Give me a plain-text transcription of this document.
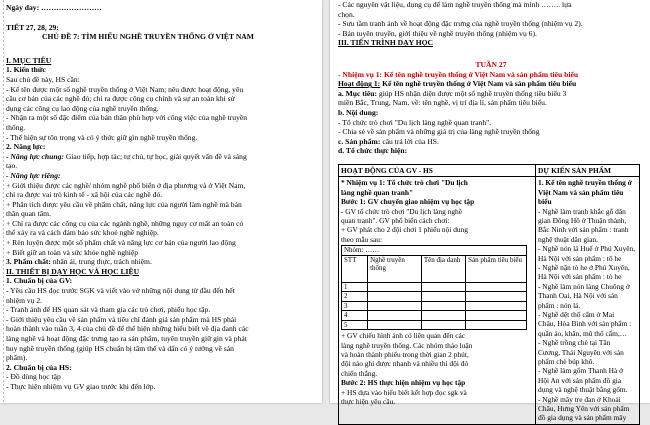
Ngày day: ……………………
TIẾT 27, 28, 29:
CHỦ ĐỀ 7: TÌM HIỂU NGHỀ TRUYỀN THỐNG Ở VIỆT NAM
I. MỤC TIÊU
1. Kiến thức
Sau chủ đề này, HS cần:
- Kể tên được một số nghề truyền thống ở Việt Nam; nêu được hoạt động, yêu
cầu cơ bản của các nghề đó; chỉ ra được công cụ chính và sự an toàn khi sử
dụng các công cụ lao động của nghề truyền thống.
- Nhận ra một số đặc điểm của bản thân phù hợp với công việc của nghề truyền
thống.
- Thể hiện sự tôn trọng và có ý thức giữ gìn nghề truyền thống.
2. Năng lực:
- Năng lực chung: Giao tiếp, hợp tác; tự chủ, tự học, giải quyết vấn đề và sáng
tạo.
- Năng lực riêng:
+ Giới thiệu được các nghề/ nhóm nghề phổ biến ở địa phương và ở Việt Nam,
chỉ ra được vai trò kinh tế - xã hội của các nghề đó.
+ Phân tích được yêu cầu về phẩm chất, năng lực của người làm nghề mà bản
thân quan tâm.
+ Chỉ ra được các công cụ của các ngành nghề, những nguy cơ mất an toàn có
thể xảy ra và cách đảm bảo sức khoẻ nghề nghiệp.
+ Rèn luyện được một số phẩm chất và năng lực cơ bản của người lao động
+ Biết giữ an toàn và sức khỏe nghề nghiệp
3. Phẩm chất: nhân ái, trung thực, trách nhiệm.
II. THIẾT BỊ DẠY HỌC VÀ HỌC LIỆU
1. Chuẩn bị của GV:
- Yêu cầu HS đọc trước SGK và viết vào vở những nội dung từ đầu đến hết
nhiệm vụ 2.
- Tranh ảnh để HS quan sát và tham gia các trò chơi, phiếu học tập.
- Giới thiệu yêu cầu về sản phẩm và tiêu chí đánh giá sản phẩm mà HS phải
hoàn thành vào tuần 3, 4 của chủ đề để thể hiện những hiểu biết về địa danh các
làng nghề và hoạt động đặc trưng tạo ra sản phẩm, tuyên truyền giữ gìn và phát
huy nghề truyền thống (giúp HS chuẩn bị tâm thế và dấn có ý tưởng về sản
phẩm).
2. Chuẩn bị của HS:
- Đồ dùng học tập
- Thực hiện nhiệm vụ GV giao trước khi đến lớp.
- Các nguyên vật liệu, dụng cụ để làm nghề truyền thống mà mình …….. lựa
chọn.
- Sưu tầm tranh ảnh về hoạt động đặc trưng của nghề truyền thống (nhiệm vụ 2).
- Bản tuyên truyền, giới thiệu về nghề truyền thống (nhiệm vụ 6).
III. TIẾN TRÌNH DẠY HỌC
TUẦN 27
- Nhiệm vụ 1: Kể tên nghề truyền thống ở Việt Nam và sản phẩm tiêu biểu
Hoạt động 1: Kể tên nghề truyền thống ở Việt Nam và sản phẩm tiêu biểu
a. Mục tiêu: giúp HS nhận diện được một số nghề truyền thống tiêu biểu 3
miền Bắc, Trung, Nam, về: tên nghề, vị trí địa lí, sản phẩm tiêu biểu.
b. Nội dung:
- Tổ chức trò chơi "Du lịch làng nghề quan tranh".
- Chia sẻ về sản phẩm và những giá trị của làng nghề truyền thống
c. Sản phẩm: câu trả lời của HS.
d. Tổ chức thực hiện:
HOẠT ĐỘNG CỦA GV - HS	DỰ KIẾN SẢN PHẨM

* Nhiệm vụ 1: Tổ chức trò chơi "Du lịch
làng nghề quan tranh"
Bước 1: GV chuyển giao nhiệm vụ học tập
- GV tổ chức trò chơi "Du lịch làng nghề
quan tranh". GV phổ biến cách chơi:
+ GV phát cho 2 đội chơi 1 phiếu nội dung
theo mẫu sau:
Nhóm: ……
STT	Nghề truyền thống	Tên địa danh	Sản phẩm tiêu biểu
1			
2			
3			
4			
5			
+ GV chiếu hình ảnh có liên quan đến các
làng nghề truyền thống. Các nhóm thảo luận
và hoàn thành phiếu trong thời gian 2 phút,
đội nào ghi được nhanh và nhiều thì đội đó
chiến thắng.
Bước 2: HS thực hiện nhiệm vụ học tập
+ HS dựa vào hiểu biết kết hợp đọc sgk và
thực hiện yêu cầu.

1. Kể tên nghề truyền thống ở
Việt Nam và sản phẩm tiêu
biểu
- Nghề làm tranh khắc gỗ dân
gian Đông Hồ ở Thuận thành,
Bắc Ninh với sản phẩm : tranh
nghệ thuật dân gian.
- Nghề nón lá Huế ở Phú Xuyên,
Hà Nội với sản phẩm : tô he
- Nghề nặn tò he ở Phú Xuyên,
Hà Nội với sản phẩm : tò he
- Nghề làm nón làng Chuông ở
Thanh Oai, Hà Nội với sản
phẩm : nón lá.
- Nghề dệt thổ cẩm ở Mai
Châu, Hòa Bình với sản phẩm :
quần áo, khăn, mũ thổ cẩm,…
- Nghề trồng chè tại Tân
Cương, Thái Nguyên với sản
phẩm chè búp khô.
- Nghề làm gốm Thanh Hà ở
Hội An với sản phẩm đồ gia
dụng và nghệ thuật bằng gốm.
- Nghề mây tre đan ở Khoái
Châu, Hưng Yên với sản phẩm
đồ gia dụng và sản phẩm mây
